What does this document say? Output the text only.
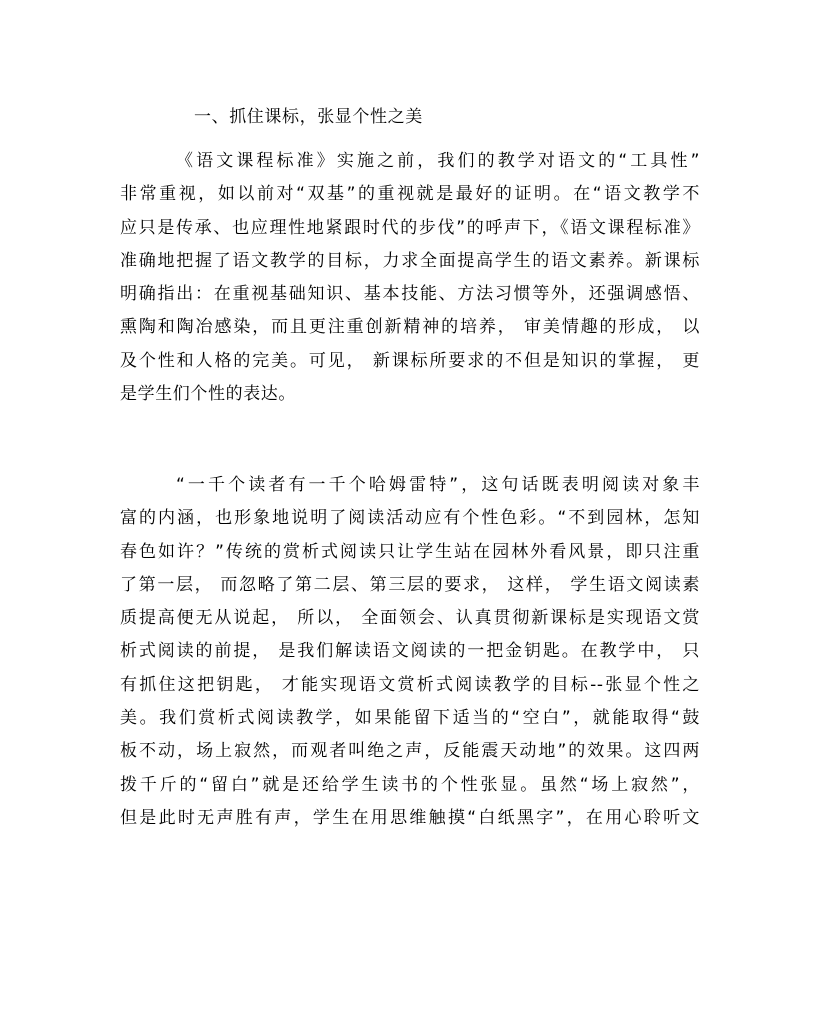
一、抓住课标，张显个性之美
《语文课程标准》实施之前，我们的教学对语文的“工具性”
非常重视，如以前对“双基”的重视就是最好的证明。在“语文教学不
应只是传承、也应理性地紧跟时代的步伐”的呼声下，《语文课程标准》
准确地把握了语文教学的目标，力求全面提高学生的语文素养。新课标
明确指出：在重视基础知识、基本技能、方法习惯等外，还强调感悟、
熏陶和陶冶感染，而且更注重创新精神的培养， 审美情趣的形成， 以
及个性和人格的完美。可见， 新课标所要求的不但是知识的掌握， 更
是学生们个性的表达。
“一千个读者有一千个哈姆雷特”，这句话既表明阅读对象丰
富的内涵，也形象地说明了阅读活动应有个性色彩。“不到园林，怎知
春色如许？”传统的赏析式阅读只让学生站在园林外看风景，即只注重
了第一层， 而忽略了第二层、第三层的要求， 这样， 学生语文阅读素
质提高便无从说起， 所以， 全面领会、认真贯彻新课标是实现语文赏
析式阅读的前提， 是我们解读语文阅读的一把金钥匙。在教学中， 只
有抓住这把钥匙， 才能实现语文赏析式阅读教学的目标--张显个性之
美。我们赏析式阅读教学，如果能留下适当的“空白”，就能取得“鼓
板不动，场上寂然，而观者叫绝之声，反能震天动地”的效果。这四两
拨千斤的“留白”就是还给学生读书的个性张显。虽然“场上寂然”，
但是此时无声胜有声，学生在用思维触摸“白纸黑字”，在用心聆听文
